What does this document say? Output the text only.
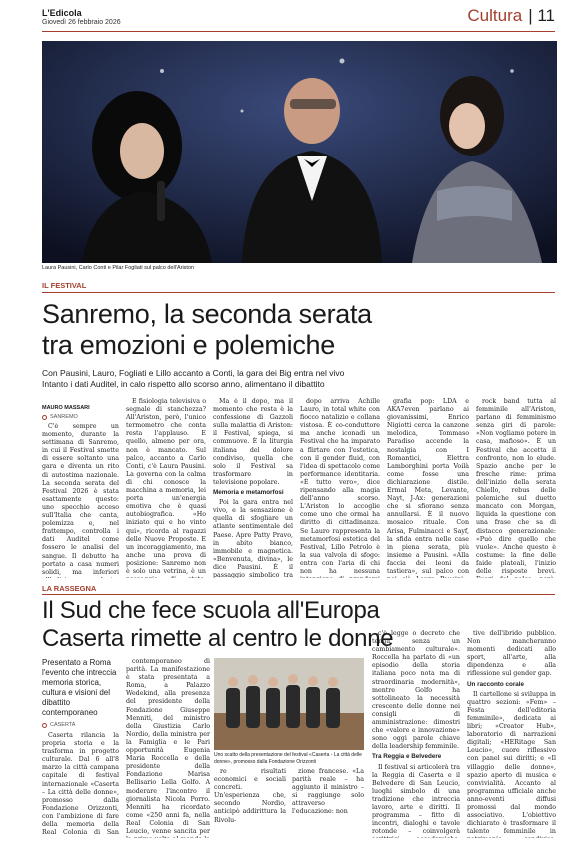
L'Edicola
Giovedì 26 febbraio 2026	Cultura | 11
Laura Pausini, Carlo Conti e Pilar Fogliati sul palco dell'Ariston
IL FESTIVAL
Sanremo, la seconda serata
tra emozioni e polemiche
Con Pausini, Lauro, Fogliati e Lillo accanto a Conti, la gara dei Big entra nel vivo
Intanto i dati Auditel, in calo rispetto allo scorso anno, alimentano il dibattito
MAURO MASSARI
SANREMO

C'è sempre un momento, durante la settimana di Sanremo, in cui il Festival smette di essere soltanto una gara e diventa un rito di autostima nazionale. La seconda serata del Festival 2026 è stata esattamente questo: uno specchio acceso sull'Italia che canta, polemizza e, nel frattempo, controlla i dati Auditel come fossero le analisi del sangue. Il debutto ha portato a casa numeri solidi, ma inferiori

È fisiologia televisiva o segnale di stanchezza? All'Ariston, però, l'unico termometro che conta resta l'applauso. E quello, almeno per ora, non è mancato. Sul palco, accanto a Carlo Conti, c'è Laura Pausini. La governa con la calma di chi conosce la macchina a memoria, lei porta un'energia emotiva che è quasi autobiografica. «Ho iniziato qui e ho vinto qui», ricorda al ragazzi delle Nuove Proposte. E un incoraggiamento, ma anche una prova di posizione: Sanremo non è solo una vetrina, è un

Ma è il dopo, ma il momento che resta è la confessione di Gazzoli sulla malattia di Ariston: il Festival, spiega, si commuove. È la liturgia italiana del dolore condiviso, quella che solo il Festival sa trasformare in televisione popolare.

Memoria e metamorfosi

Poi la gara entra nel vivo, e la sensazione è quella di sfogliare un atlante sentimentale del Paese. Apre Patty Pravo, in abito bianco, immobile e magnetica. «Benvenuta, divina», le dice Pausini. È il passaggio simbolico tra

dopo arriva Achille Lauro, in total white con fiocco natalizio e collana vistosa. È co-conduttore ma anche iconadi un Festival che ha imparato a flirtare con l'estetica, con il gender fluid, con l'idea di spettacolo come performance identitaria. «È tutto vero», dice ripensando alla magia dell'anno scorso. L'Ariston lo accoglie come uno che ormai ha diritto di cittadinanza. Se Lauro rappresenta la metamorfosi estetica del Festival, Lillo Petrolo è la sua valvola di sfogo: entra con l'aria di chi non ha nessuna

grafia pop: LDA e AKA7even parlano ai giovanissimi, Enrico Nigiotti cerca la canzone melodica, Tommaso Paradiso accende la nostalgia con I Romantici, Elettra Lamborghini porta Voilà come fosse una dichiarazione distile. Ermal Meta, Levante, Nayt, J-Ax: generazioni che si sfiorano senza annullarsi. È il nuovo mosaico rituale. Con Arisa, Fulminacci e Sayf, la sfida entra nelle case in piena serata, più insieme a Pausini. «Alla faccia dei leoni da tastiera», sul palco con

rock band tutta al femminile all'Ariston, parlano di femminismo senza giri di parole: «Non vogliamo potere in casa, mafioso». È un Festival che accetta il confronto, non lo elude. Spazio anche per le fresche rime: prima dell'inizio della serata Chiello, rebus delle polemiche sul duetto mancato con Morgan, liquida la questione con una frase che sa di distacco generazionale: «Può dire quello che vuole». Anche questo è costume: la fine delle faide plateali, l'inizio delle risposte brevi.

LA RASSEGNA
Il Sud che fece scuola all'Europa
Caserta rimette al centro le donne
Presentato a Roma l'evento che intreccia memoria storica, cultura e visioni del dibattito contemporaneo
CASERTA

Caserta rilancia la propria storia e la trasforma in progetto culturale. Dal 6 all'8 marzo la città campana capitale di festival internazionale «Caserta – La città delle donne», promosso dalla Fondazione Orizzonti, con l'ambizione di fare della memoria della Real Colonia di San

contemporaneo di parità. La manifestazione è stata presentata a Roma, a Palazzo Wedekind, alla presenza del presidente della Fondazione Giuseppe Menniti, del ministro della Giustizia Carlo Nordio, della ministra per la Famiglia e le Pari opportunità Eugenia Maria Roccella e della presidente della Fondazione Marisa Bellisario Lella Golfo. A moderare l'incontro il giornalista Nicola Porro. Menniti ha ricordato come «250 anni fa, nella Real Colonia di San Leucio, venne sancita per

Uno scatto della presentazione del festival «Caserta - La città delle donne», promosso dalla Fondazione Orizzonti

re risultati economici e sociali concreti. Un'esperienza che, secondo Nordio, anticipò addirittura la Rivolu-

zione francese. «La parità reale – ha aggiunto il ministro – si raggiunge solo attraverso l'educazione: non

c'è legge o decreto che tenga senza un cambiamento culturale». Roccella ha parlato di «un episodio della storia italiana poco nota ma di straordinaria modernità», mentre Golfo ha sottolineato la necessità crescente delle donne nei consigli di amministrazione: dimostri che «valore e innovazione» sono oggi parole chiave della leadership femminile.

Tra Reggia e Belvedere

Il festival si articolerà tra la Reggia di Caserta e il Belvedere di San Leucio, luoghi simbolo di una tradizione che intreccia lavoro, arte e diritti. Il programma – fitto di incontri, dialoghi e tavole rotonde – coinvolgerà

tive dell'ibrido pubblico. Non mancheranno momenti dedicati allo sport, all'arte, alla dipendenza e alla riflessione sul gender gap.

Un racconto corale

Il cartellone si sviluppa in quattro sezioni: «Fem» – Festa dell'editoria femminile», dedicata ai libri; «Creator Hub», laboratorio di narrazioni digitali; «HERitage San Leucio», cuore riflessivo con panel sui diritti; e «Il villaggio delle donne», spazio aperto di musica e convivialità. Accanto al programma ufficiale anche anno-eventi diffusi promossi dal mondo associativo. L'obiettivo dichiarato è trasformare il talento femminile in
